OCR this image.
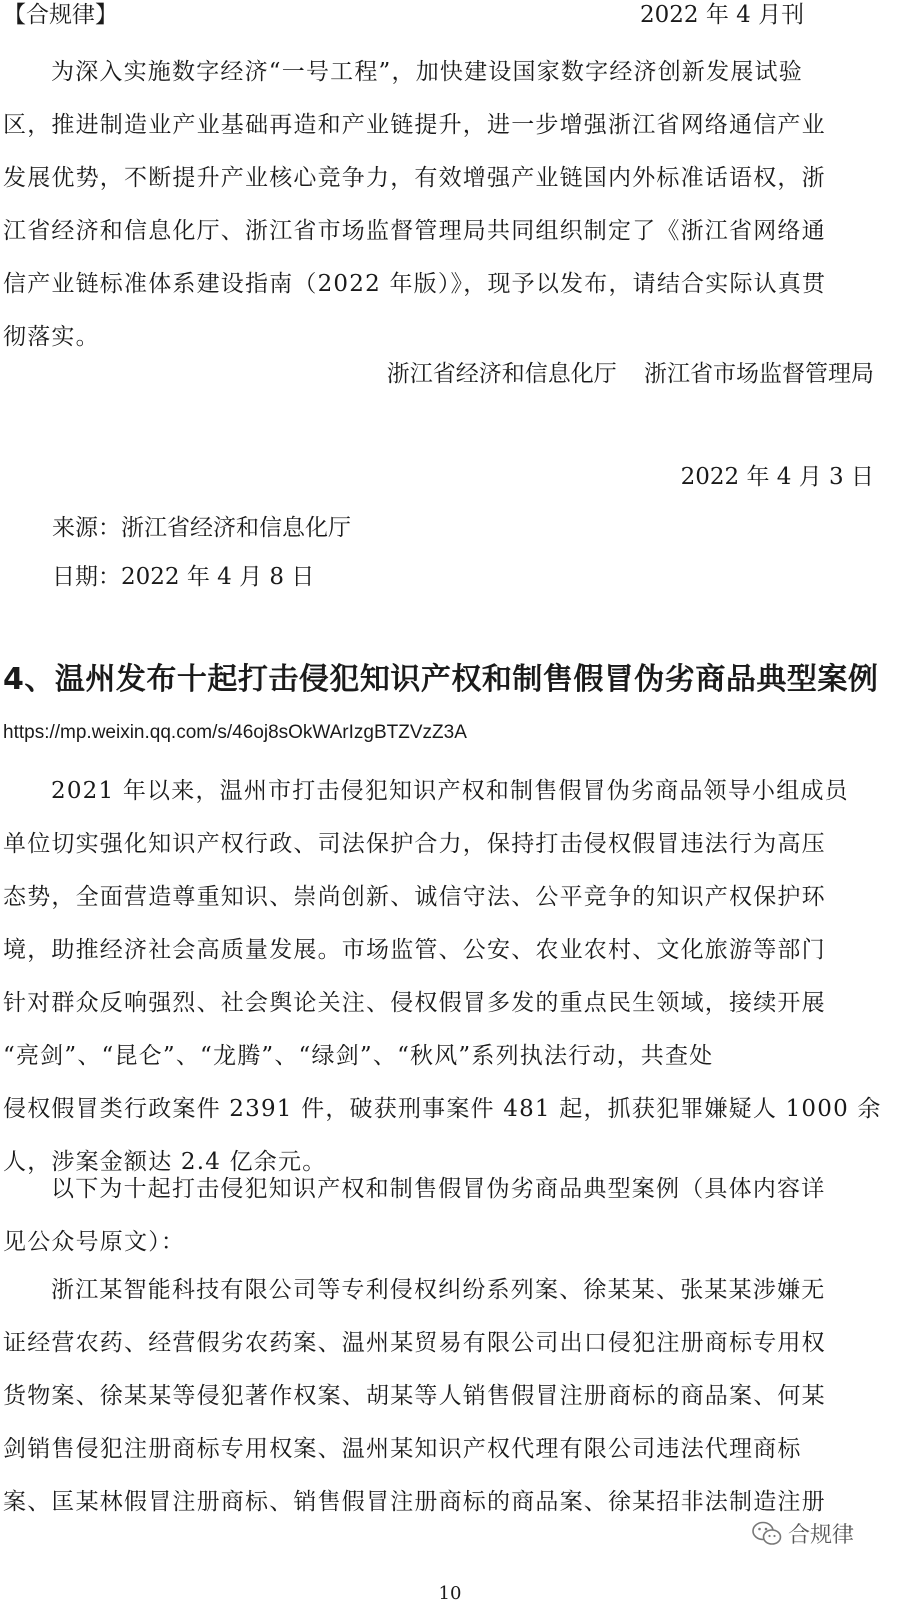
【合规律】	2022 年 4 月刊
为深入实施数字经济“一号工程”，加快建设国家数字经济创新发展试验
区，推进制造业产业基础再造和产业链提升，进一步增强浙江省网络通信产业
发展优势，不断提升产业核心竞争力，有效增强产业链国内外标准话语权，浙
江省经济和信息化厅、浙江省市场监督管理局共同组织制定了《浙江省网络通
信产业链标准体系建设指南（2022 年版）》，现予以发布，请结合实际认真贯
彻落实。
浙江省经济和信息化厅 浙江省市场监督管理局
2022 年 4 月 3 日
来源：浙江省经济和信息化厅
日期：2022 年 4 月 8 日
4、温州发布十起打击侵犯知识产权和制售假冒伪劣商品典型案例
https://mp.weixin.qq.com/s/46oj8sOkWArIzgBTZVzZ3A
2021 年以来，温州市打击侵犯知识产权和制售假冒伪劣商品领导小组成员
单位切实强化知识产权行政、司法保护合力，保持打击侵权假冒违法行为高压
态势，全面营造尊重知识、崇尚创新、诚信守法、公平竞争的知识产权保护环
境，助推经济社会高质量发展。市场监管、公安、农业农村、文化旅游等部门
针对群众反响强烈、社会舆论关注、侵权假冒多发的重点民生领域，接续开展
“亮剑”、“昆仑”、“龙腾”、“绿剑”、“秋风”系列执法行动，共查处
侵权假冒类行政案件 2391 件，破获刑事案件 481 起，抓获犯罪嫌疑人 1000 余
人，涉案金额达 2.4 亿余元。
以下为十起打击侵犯知识产权和制售假冒伪劣商品典型案例（具体内容详
见公众号原文）：
浙江某智能科技有限公司等专利侵权纠纷系列案、徐某某、张某某涉嫌无
证经营农药、经营假劣农药案、温州某贸易有限公司出口侵犯注册商标专用权
货物案、徐某某等侵犯著作权案、胡某等人销售假冒注册商标的商品案、何某
剑销售侵犯注册商标专用权案、温州某知识产权代理有限公司违法代理商标
案、匡某林假冒注册商标、销售假冒注册商标的商品案、徐某招非法制造注册
合规律
10
